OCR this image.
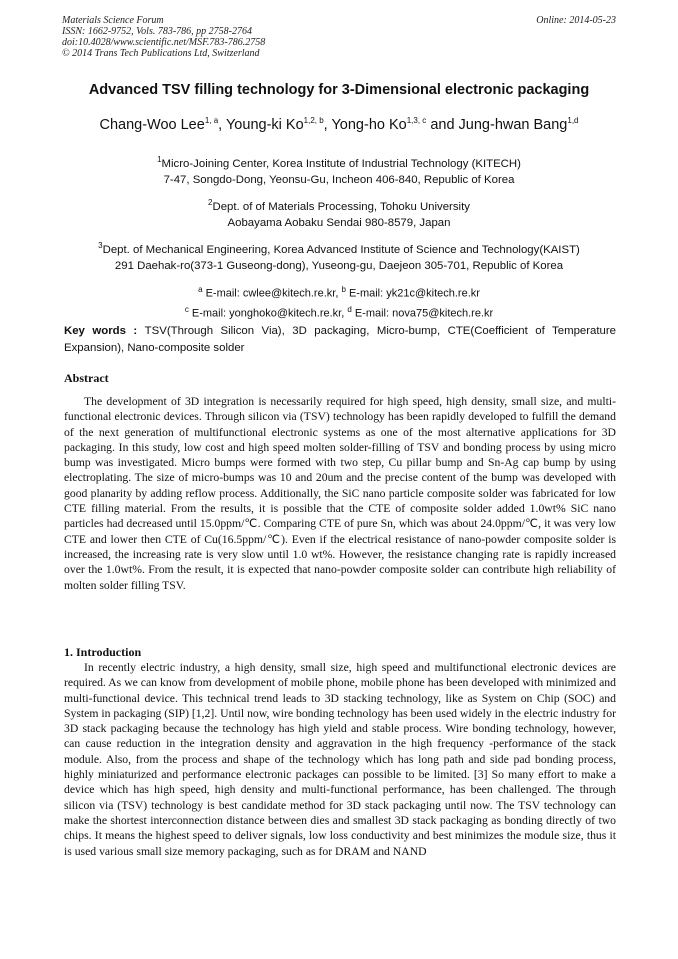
Materials Science Forum
ISSN: 1662-9752, Vols. 783-786, pp 2758-2764
doi:10.4028/www.scientific.net/MSF.783-786.2758
© 2014 Trans Tech Publications Ltd, Switzerland
Online: 2014-05-23
Advanced TSV filling technology for 3-Dimensional electronic packaging
Chang-Woo Lee$^{1, a}$, Young-ki Ko$^{1,2, b}$, Yong-ho Ko$^{1,3, c}$ and Jung-hwan Bang$^{1,d}$
$^1$Micro-Joining Center, Korea Institute of Industrial Technology (KITECH)
7-47, Songdo-Dong, Yeonsu-Gu, Incheon 406-840, Republic of Korea
$^2$Dept. of of Materials Processing, Tohoku University
Aobayama Aobaku Sendai 980-8579, Japan
$^3$Dept. of Mechanical Engineering, Korea Advanced Institute of Science and Technology(KAIST)
291 Daehak-ro(373-1 Guseong-dong), Yuseong-gu, Daejeon 305-701, Republic of Korea
$^a$ E-mail: cwlee@kitech.re.kr, $^b$ E-mail: yk21c@kitech.re.kr
$^c$ E-mail: yonghoko@kitech.re.kr, $^d$ E-mail: nova75@kitech.re.kr
Key words : TSV(Through Silicon Via), 3D packaging, Micro-bump, CTE(Coefficient of Temperature Expansion), Nano-composite solder
Abstract

The development of 3D integration is necessarily required for high speed, high density, small size, and multi-functional electronic devices. Through silicon via (TSV) technology has been rapidly developed to fulfill the demand of the next generation of multifunctional electronic systems as one of the most alternative applications for 3D packaging. In this study, low cost and high speed molten solder-filling of TSV and bonding process by using micro bump was investigated. Micro bumps were formed with two step, Cu pillar bump and Sn-Ag cap bump by using electroplating. The size of micro-bumps was 10 and 20um and the precise content of the bump was developed with good planarity by adding reflow process. Additionally, the SiC nano particle composite solder was fabricated for low CTE filling material. From the results, it is possible that the CTE of composite solder added 1.0wt% SiC nano particles had decreased until 15.0ppm/℃. Comparing CTE of pure Sn, which was about 24.0ppm/℃, it was very low CTE and lower then CTE of Cu(16.5ppm/℃). Even if the electrical resistance of nano-powder composite solder is increased, the increasing rate is very slow until 1.0 wt%. However, the resistance changing rate is rapidly increased over the 1.0wt%. From the result, it is expected that nano-powder composite solder can contribute high reliability of molten solder filling TSV.

1. Introduction

In recently electric industry, a high density, small size, high speed and multifunctional electronic devices are required. As we can know from development of mobile phone, mobile phone has been developed with minimized and multi-functional device. This technical trend leads to 3D stacking technology, like as System on Chip (SOC) and System in packaging (SIP) [1,2]. Until now, wire bonding technology has been used widely in the electric industry for 3D stack packaging because the technology has high yield and stable process. Wire bonding technology, however, can cause reduction in the integration density and aggravation in the high frequency -performance of the stack module. Also, from the process and shape of the technology which has long path and side pad bonding process, highly miniaturized and performance electronic packages can possible to be limited. [3] So many effort to make a device which has high speed, high density and multi-functional performance, has been challenged. The through silicon via (TSV) technology is best candidate method for 3D stack packaging until now. The TSV technology can make the shortest interconnection distance between dies and smallest 3D stack packaging as bonding directly of two chips. It means the highest speed to deliver signals, low loss conductivity and best minimizes the module size, thus it is used various small size memory packaging, such as for DRAM and NAND
